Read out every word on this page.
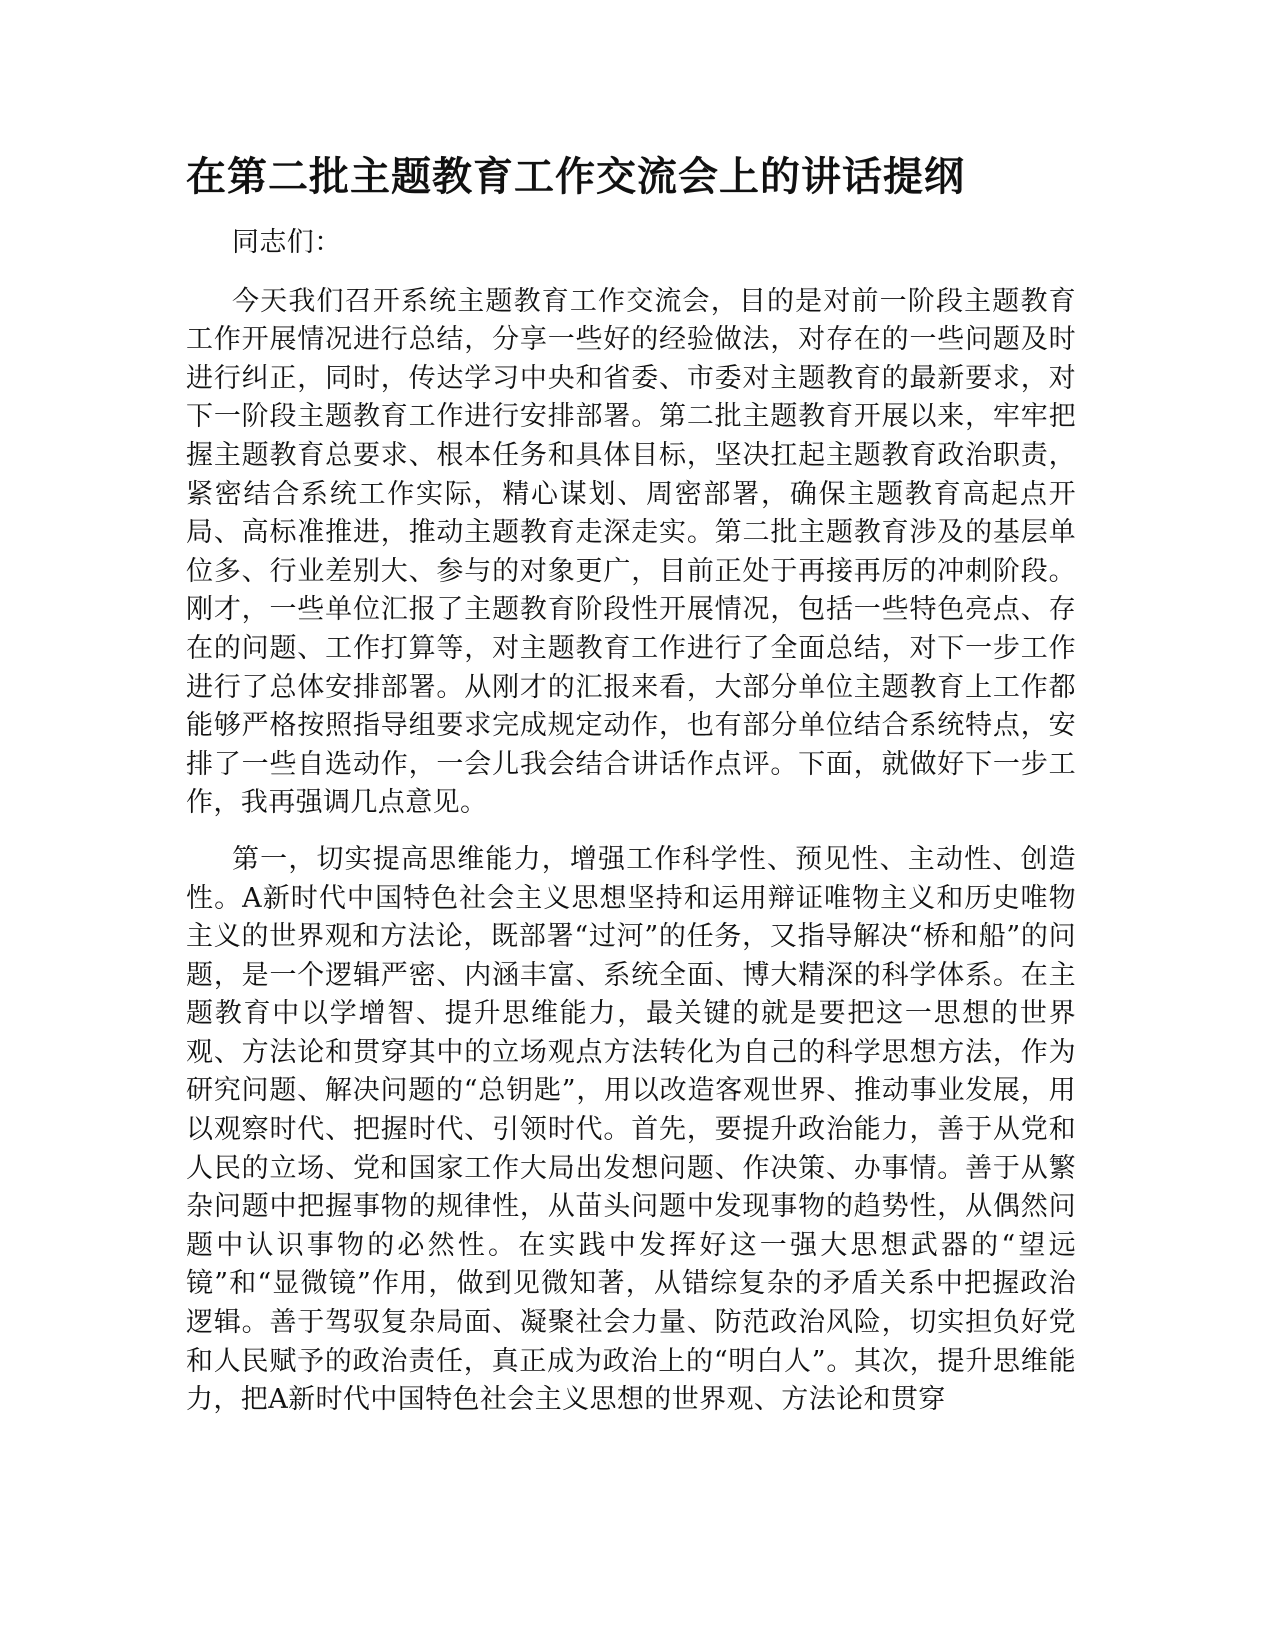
在第二批主题教育工作交流会上的讲话提纲

同志们：

今天我们召开系统主题教育工作交流会，目的是对前一阶段主题教育工作开展情况进行总结，分享一些好的经验做法，对存在的一些问题及时进行纠正，同时，传达学习中央和省委、市委对主题教育的最新要求，对下一阶段主题教育工作进行安排部署。第二批主题教育开展以来，牢牢把握主题教育总要求、根本任务和具体目标，坚决扛起主题教育政治职责，紧密结合系统工作实际，精心谋划、周密部署，确保主题教育高起点开局、高标准推进，推动主题教育走深走实。第二批主题教育涉及的基层单位多、行业差别大、参与的对象更广，目前正处于再接再厉的冲刺阶段。刚才，一些单位汇报了主题教育阶段性开展情况，包括一些特色亮点、存在的问题、工作打算等，对主题教育工作进行了全面总结，对下一步工作进行了总体安排部署。从刚才的汇报来看，大部分单位主题教育上工作都能够严格按照指导组要求完成规定动作，也有部分单位结合系统特点，安排了一些自选动作，一会儿我会结合讲话作点评。下面，就做好下一步工作，我再强调几点意见。

第一，切实提高思维能力，增强工作科学性、预见性、主动性、创造性。A新时代中国特色社会主义思想坚持和运用辩证唯物主义和历史唯物主义的世界观和方法论，既部署“过河”的任务，又指导解决“桥和船”的问题，是一个逻辑严密、内涵丰富、系统全面、博大精深的科学体系。在主题教育中以学增智、提升思维能力，最关键的就是要把这一思想的世界观、方法论和贯穿其中的立场观点方法转化为自己的科学思想方法，作为研究问题、解决问题的“总钥匙”，用以改造客观世界、推动事业发展，用以观察时代、把握时代、引领时代。首先，要提升政治能力，善于从党和人民的立场、党和国家工作大局出发想问题、作决策、办事情。善于从繁杂问题中把握事物的规律性，从苗头问题中发现事物的趋势性，从偶然问题中认识事物的必然性。在实践中发挥好这一强大思想武器的“望远镜”和“显微镜”作用，做到见微知著，从错综复杂的矛盾关系中把握政治逻辑。善于驾驭复杂局面、凝聚社会力量、防范政治风险，切实担负好党和人民赋予的政治责任，真正成为政治上的“明白人”。其次，提升思维能力，把A新时代中国特色社会主义思想的世界观、方法论和贯穿
